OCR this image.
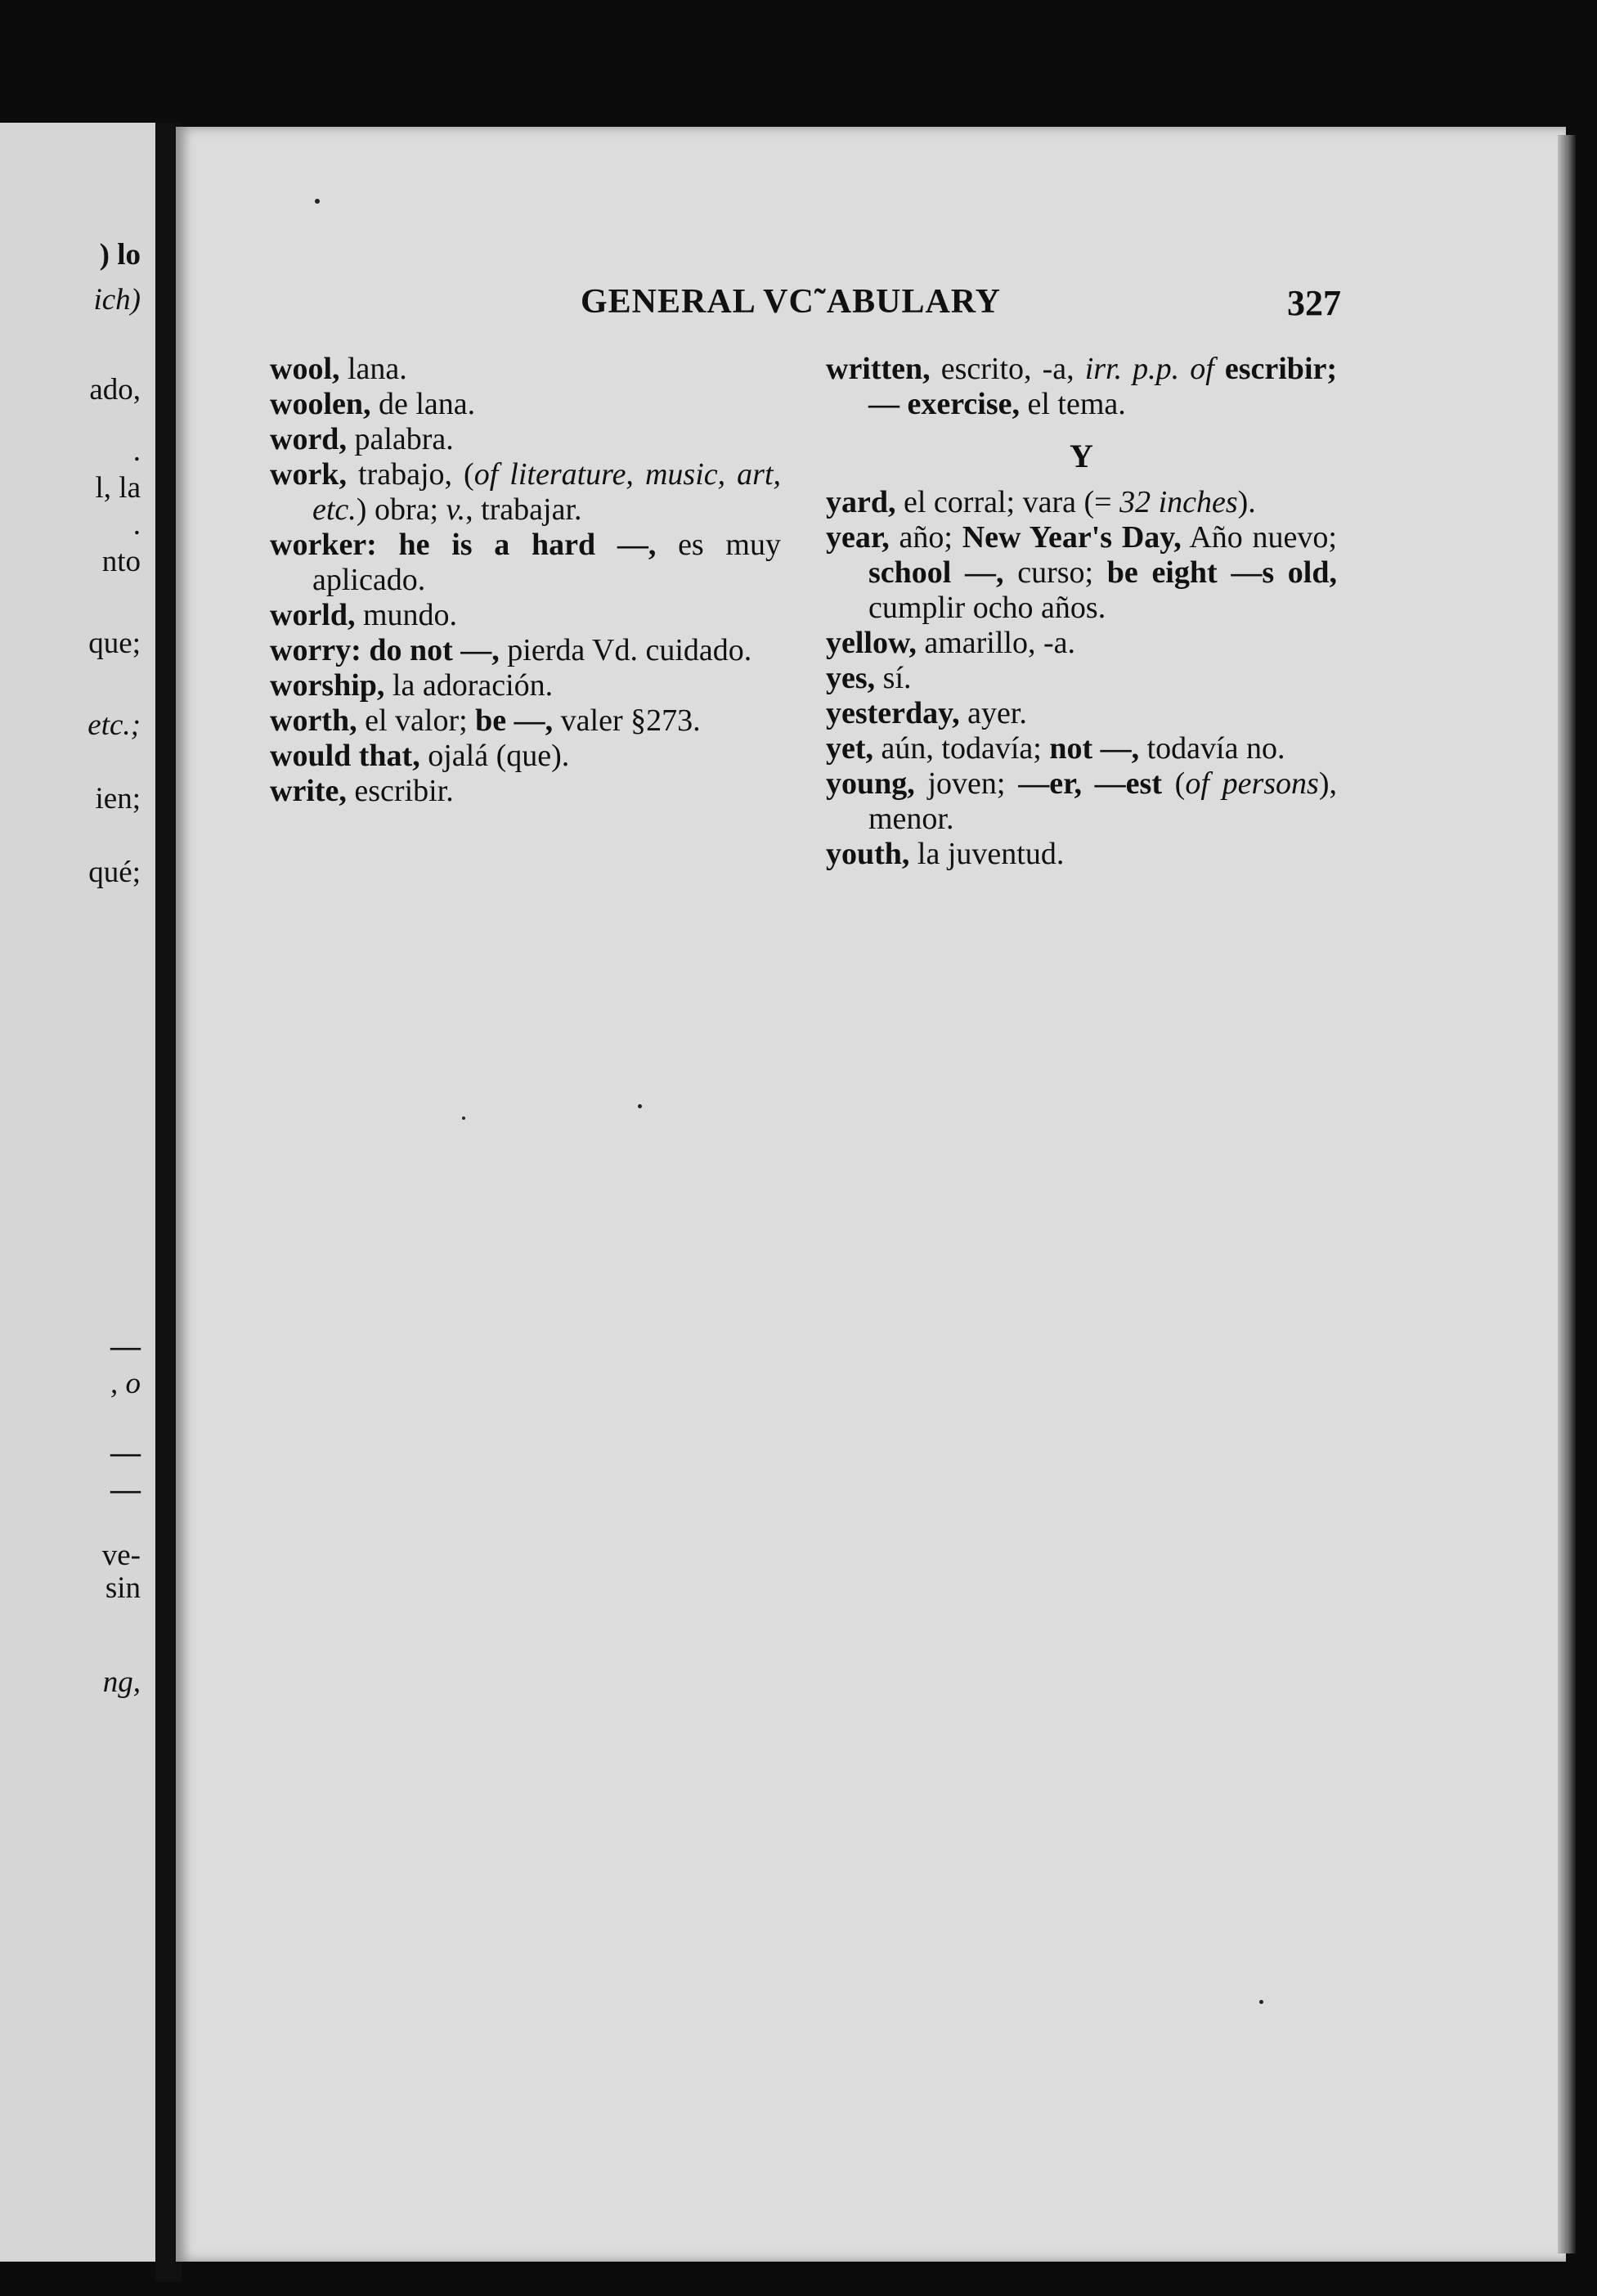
) lo
ich)
ado,
.
l, la
.
nto
que;
etc.;
ien;
qué;
—
, o
—
—
ve-
sin
ng,
GENERAL VC˜ABULARY	327

wool, lana.

woolen, de lana.

word, palabra.

work, trabajo, (of literature, music, art, etc.) obra; v., trabajar.

worker: he is a hard —, es muy aplicado.

world, mundo.

worry: do not —, pierda Vd. cuidado.

worship, la adoración.

worth, el valor; be —, valer §273.

would that, ojalá (que).

write, escribir.

written, escrito, -a, irr. p.p. of escribir; — exercise, el tema.

Y

yard, el corral; vara (= 32 inches).

year, año; New Year's Day, Año nuevo; school —, curso; be eight —s old, cumplir ocho años.

yellow, amarillo, -a.

yes, sí.

yesterday, ayer.

yet, aún, todavía; not —, todavía no.

young, joven; —er, —est (of persons), menor.

youth, la juventud.
